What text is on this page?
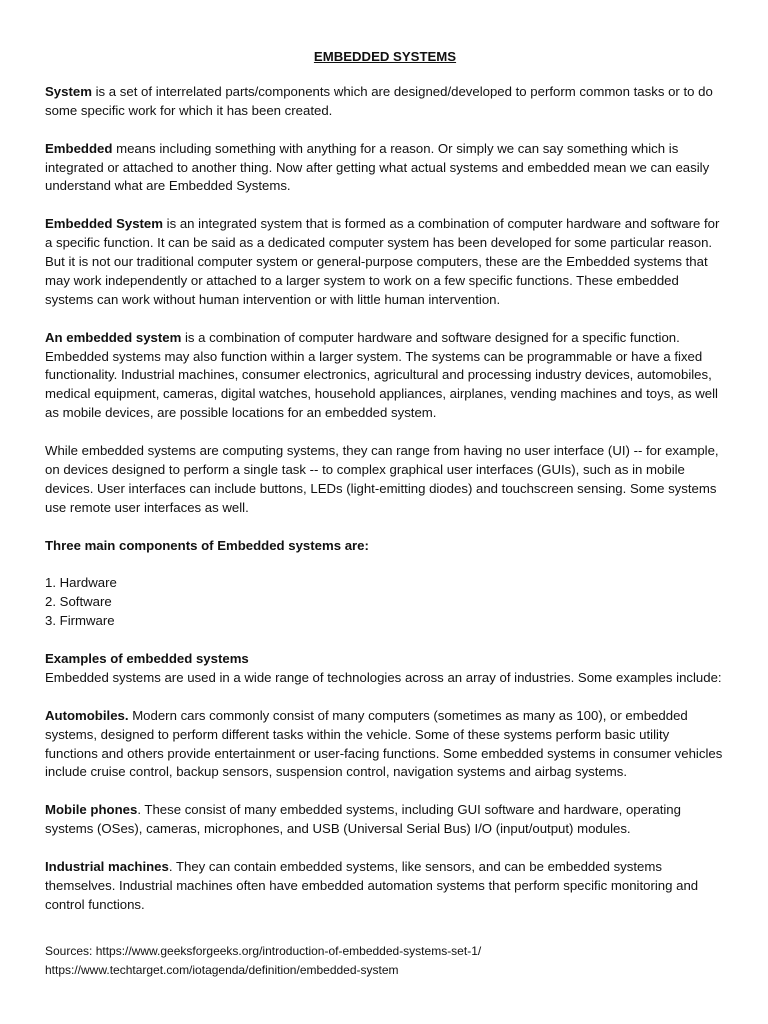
EMBEDDED SYSTEMS

System is a set of interrelated parts/components which are designed/developed to perform common tasks or to do some specific work for which it has been created.

Embedded means including something with anything for a reason. Or simply we can say something which is integrated or attached to another thing. Now after getting what actual systems and embedded mean we can easily understand what are Embedded Systems.

Embedded System is an integrated system that is formed as a combination of computer hardware and software for a specific function. It can be said as a dedicated computer system has been developed for some particular reason. But it is not our traditional computer system or general-purpose computers, these are the Embedded systems that may work independently or attached to a larger system to work on a few specific functions. These embedded systems can work without human intervention or with little human intervention.

An embedded system is a combination of computer hardware and software designed for a specific function. Embedded systems may also function within a larger system. The systems can be programmable or have a fixed functionality. Industrial machines, consumer electronics, agricultural and processing industry devices, automobiles, medical equipment, cameras, digital watches, household appliances, airplanes, vending machines and toys, as well as mobile devices, are possible locations for an embedded system.

While embedded systems are computing systems, they can range from having no user interface (UI) -- for example, on devices designed to perform a single task -- to complex graphical user interfaces (GUIs), such as in mobile devices. User interfaces can include buttons, LEDs (light-emitting diodes) and touchscreen sensing. Some systems use remote user interfaces as well.

Three main components of Embedded systems are:

1. Hardware
2. Software
3. Firmware
Examples of embedded systems

Embedded systems are used in a wide range of technologies across an array of industries. Some examples include:

Automobiles. Modern cars commonly consist of many computers (sometimes as many as 100), or embedded systems, designed to perform different tasks within the vehicle. Some of these systems perform basic utility functions and others provide entertainment or user-facing functions. Some embedded systems in consumer vehicles include cruise control, backup sensors, suspension control, navigation systems and airbag systems.

Mobile phones. These consist of many embedded systems, including GUI software and hardware, operating systems (OSes), cameras, microphones, and USB (Universal Serial Bus) I/O (input/output) modules.

Industrial machines. They can contain embedded systems, like sensors, and can be embedded systems themselves. Industrial machines often have embedded automation systems that perform specific monitoring and control functions.

Sources: https://www.geeksforgeeks.org/introduction-of-embedded-systems-set-1/
https://www.techtarget.com/iotagenda/definition/embedded-system
